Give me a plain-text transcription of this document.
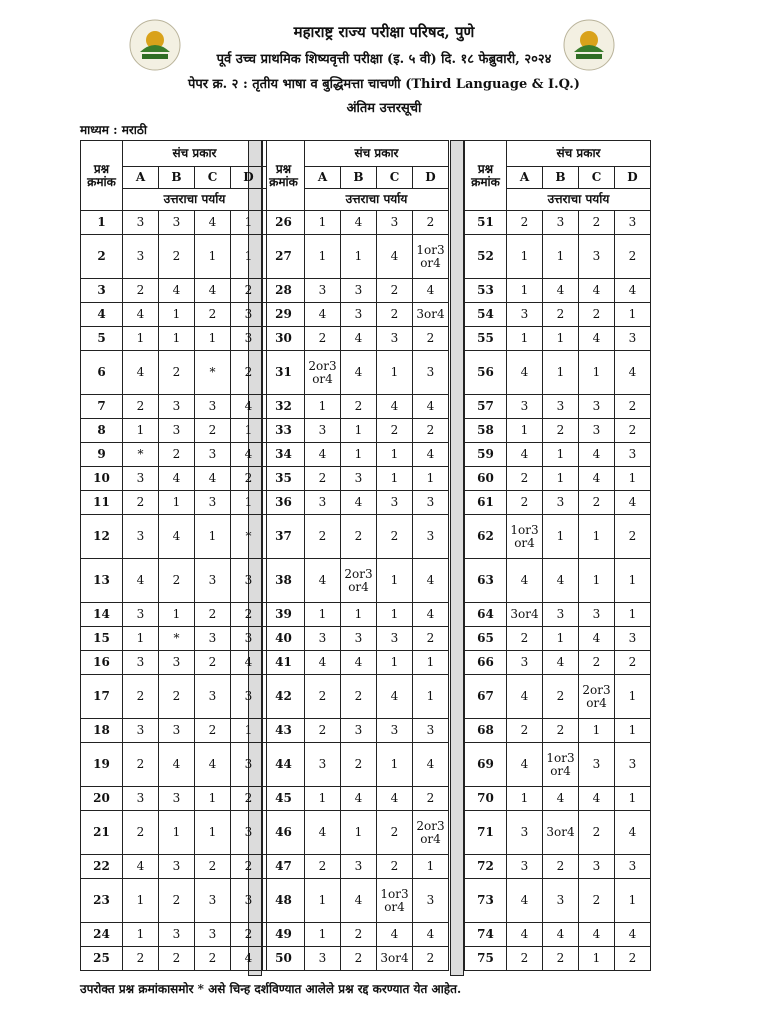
महाराष्ट्र राज्य परीक्षा परिषद, पुणे
पूर्व उच्च प्राथमिक शिष्यवृत्ती परीक्षा (इ. ५ वी) दि. १८ फेब्रुवारी, २०२४
पेपर क्र. २ : तृतीय भाषा व बुद्धिमत्ता चाचणी (Third Language & I.Q.)
अंतिम उत्तरसूची
माध्यम : मराठी
प्रश्न क्रमांक	संच प्रकार			
	A	B	C	D
	उत्तराचा पर्याय			
1	3	3	4	1
2	3	2	1	1
3	2	4	4	2
4	4	1	2	3
5	1	1	1	3
6	4	2	*	2
7	2	3	3	4
8	1	3	2	1
9	*	2	3	4
10	3	4	4	2
11	2	1	3	1
12	3	4	1	*
13	4	2	3	3
14	3	1	2	2
15	1	*	3	3
16	3	3	2	4
17	2	2	3	3
18	3	3	2	1
19	2	4	4	3
20	3	3	1	2
21	2	1	1	3
22	4	3	2	2
23	1	2	3	3
24	1	3	3	2
25	2	2	2	4
प्रश्न क्रमांक	संच प्रकार			
	A	B	C	D
	उत्तराचा पर्याय			
26	1	4	3	2
27	1	1	4	1or3 or4
28	3	3	2	4
29	4	3	2	3or4
30	2	4	3	2
31	2or3 or4	4	1	3
32	1	2	4	4
33	3	1	2	2
34	4	1	1	4
35	2	3	1	1
36	3	4	3	3
37	2	2	2	3
38	4	2or3 or4	1	4
39	1	1	1	4
40	3	3	3	2
41	4	4	1	1
42	2	2	4	1
43	2	3	3	3
44	3	2	1	4
45	1	4	4	2
46	4	1	2	2or3 or4
47	2	3	2	1
48	1	4	1or3 or4	3
49	1	2	4	4
50	3	2	3or4	2
प्रश्न क्रमांक	संच प्रकार			
	A	B	C	D
	उत्तराचा पर्याय			
51	2	3	2	3
52	1	1	3	2
53	1	4	4	4
54	3	2	2	1
55	1	1	4	3
56	4	1	1	4
57	3	3	3	2
58	1	2	3	2
59	4	1	4	3
60	2	1	4	1
61	2	3	2	4
62	1or3 or4	1	1	2
63	4	4	1	1
64	3or4	3	3	1
65	2	1	4	3
66	3	4	2	2
67	4	2	2or3 or4	1
68	2	2	1	1
69	4	1or3 or4	3	3
70	1	4	4	1
71	3	3or4	2	4
72	3	2	3	3
73	4	3	2	1
74	4	4	4	4
75	2	2	1	2
उपरोक्त प्रश्न क्रमांकासमोर * असे चिन्ह दर्शविण्यात आलेले प्रश्न रद्द करण्यात येत आहेत.
